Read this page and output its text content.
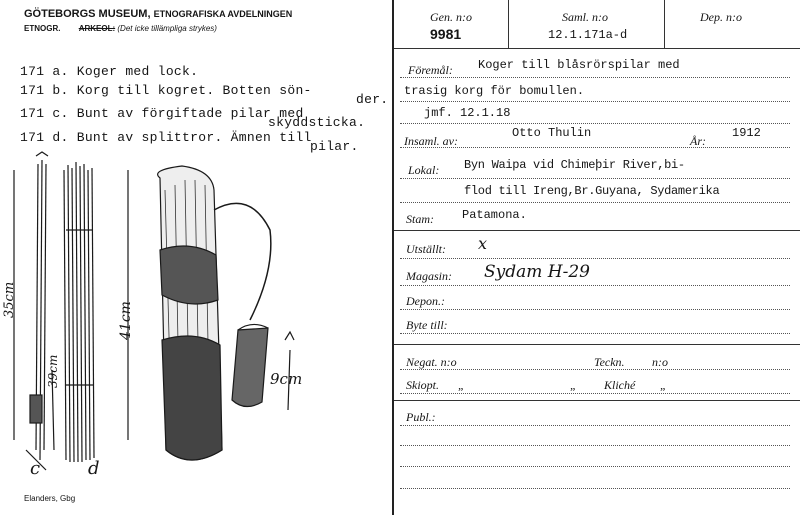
GÖTEBORGS MUSEUM, ETNOGRAFISKA AVDELNINGEN
ETNOGR. ARKEOL: (Det icke tillämpliga strykes)
171 a. Koger med lock.
171 b. Korg till kogret. Botten sön-
der.
171 c. Bunt av förgiftade pilar med
skyddsticka.
171 d. Bunt av splittror. Ämnen till
pilar.
35cm
39cm
41cm
9cm
c	d
Elanders, Gbg
Gen. n:o
9981
Saml. n:o
12.1.171a-d
Dep. n:o
Föremål: Koger till blåsrörspilar med
trasig korg för bomullen.
jmf. 12.1.18
Insaml. av:
Otto Thulin
År:
1912
Lokal: Byn Waipa vid Chimeþir River,bi-
flod till Ireng,Br.Guyana, Sydamerika
Stam: Patamona.
Utställt: x
Magasin: Sydam H-29
Depon.:
Byte till:
Negat. n:o	Teckn. n:o
Skiopt. „	„ Kliché „
Publ.:
